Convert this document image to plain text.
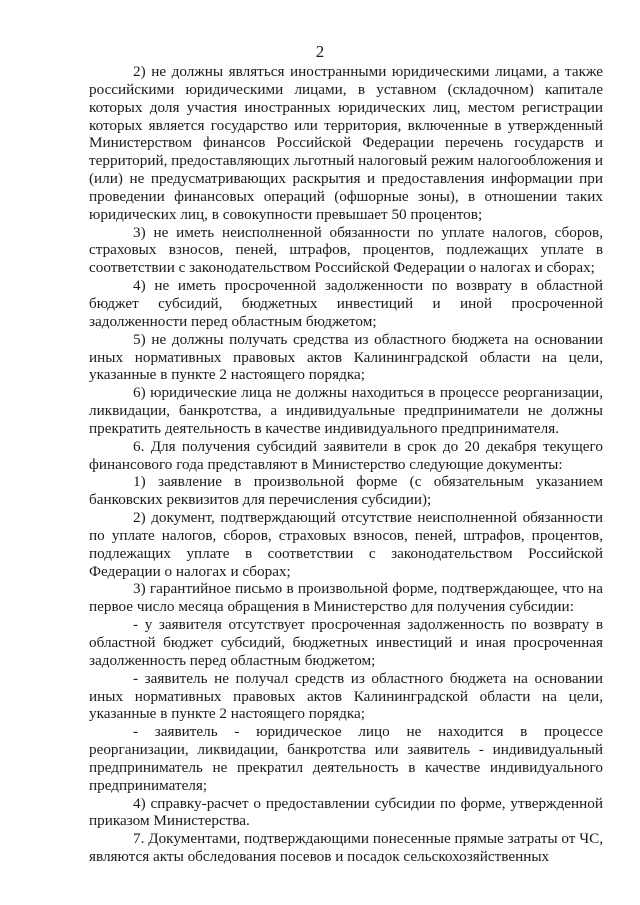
2

2) не должны являться иностранными юридическими лицами, а также российскими юридическими лицами, в уставном (складочном) капитале которых доля участия иностранных юридических лиц, местом регистрации которых является государство или территория, включенные в утвержденный Министерством финансов Российской Федерации перечень государств и территорий, предоставляющих льготный налоговый режим налогообложения и (или) не предусматривающих раскрытия и предоставления информации при проведении финансовых операций (офшорные зоны), в отношении таких юридических лиц, в совокупности превышает 50 процентов;

3) не иметь неисполненной обязанности по уплате налогов, сборов, страховых взносов, пеней, штрафов, процентов, подлежащих уплате в соответствии с законодательством Российской Федерации о налогах и сборах;

4) не иметь просроченной задолженности по возврату в областной бюджет субсидий, бюджетных инвестиций и иной просроченной задолженности перед областным бюджетом;

5) не должны получать средства из областного бюджета на основании иных нормативных правовых актов Калининградской области на цели, указанные в пункте 2 настоящего порядка;

6) юридические лица не должны находиться в процессе реорганизации, ликвидации, банкротства, а индивидуальные предприниматели не должны прекратить деятельность в качестве индивидуального предпринимателя.

6. Для получения субсидий заявители в срок до 20 декабря текущего финансового года представляют в Министерство следующие документы:

1) заявление в произвольной форме (с обязательным указанием банковских реквизитов для перечисления субсидии);

2) документ, подтверждающий отсутствие неисполненной обязанности по уплате налогов, сборов, страховых взносов, пеней, штрафов, процентов, подлежащих уплате в соответствии с законодательством Российской Федерации о налогах и сборах;

3) гарантийное письмо в произвольной форме, подтверждающее, что на первое число месяца обращения в Министерство для получения субсидии:

- у заявителя отсутствует просроченная задолженность по возврату в областной бюджет субсидий, бюджетных инвестиций и иная просроченная задолженность перед областным бюджетом;

- заявитель не получал средств из областного бюджета на основании иных нормативных правовых актов Калининградской области на цели, указанные в пункте 2 настоящего порядка;

- заявитель - юридическое лицо не находится в процессе реорганизации, ликвидации, банкротства или заявитель - индивидуальный предприниматель не прекратил деятельность в качестве индивидуального предпринимателя;

4) справку-расчет о предоставлении субсидии по форме, утвержденной приказом Министерства.

7. Документами, подтверждающими понесенные прямые затраты от ЧС, являются акты обследования посевов и посадок сельскохозяйственных
